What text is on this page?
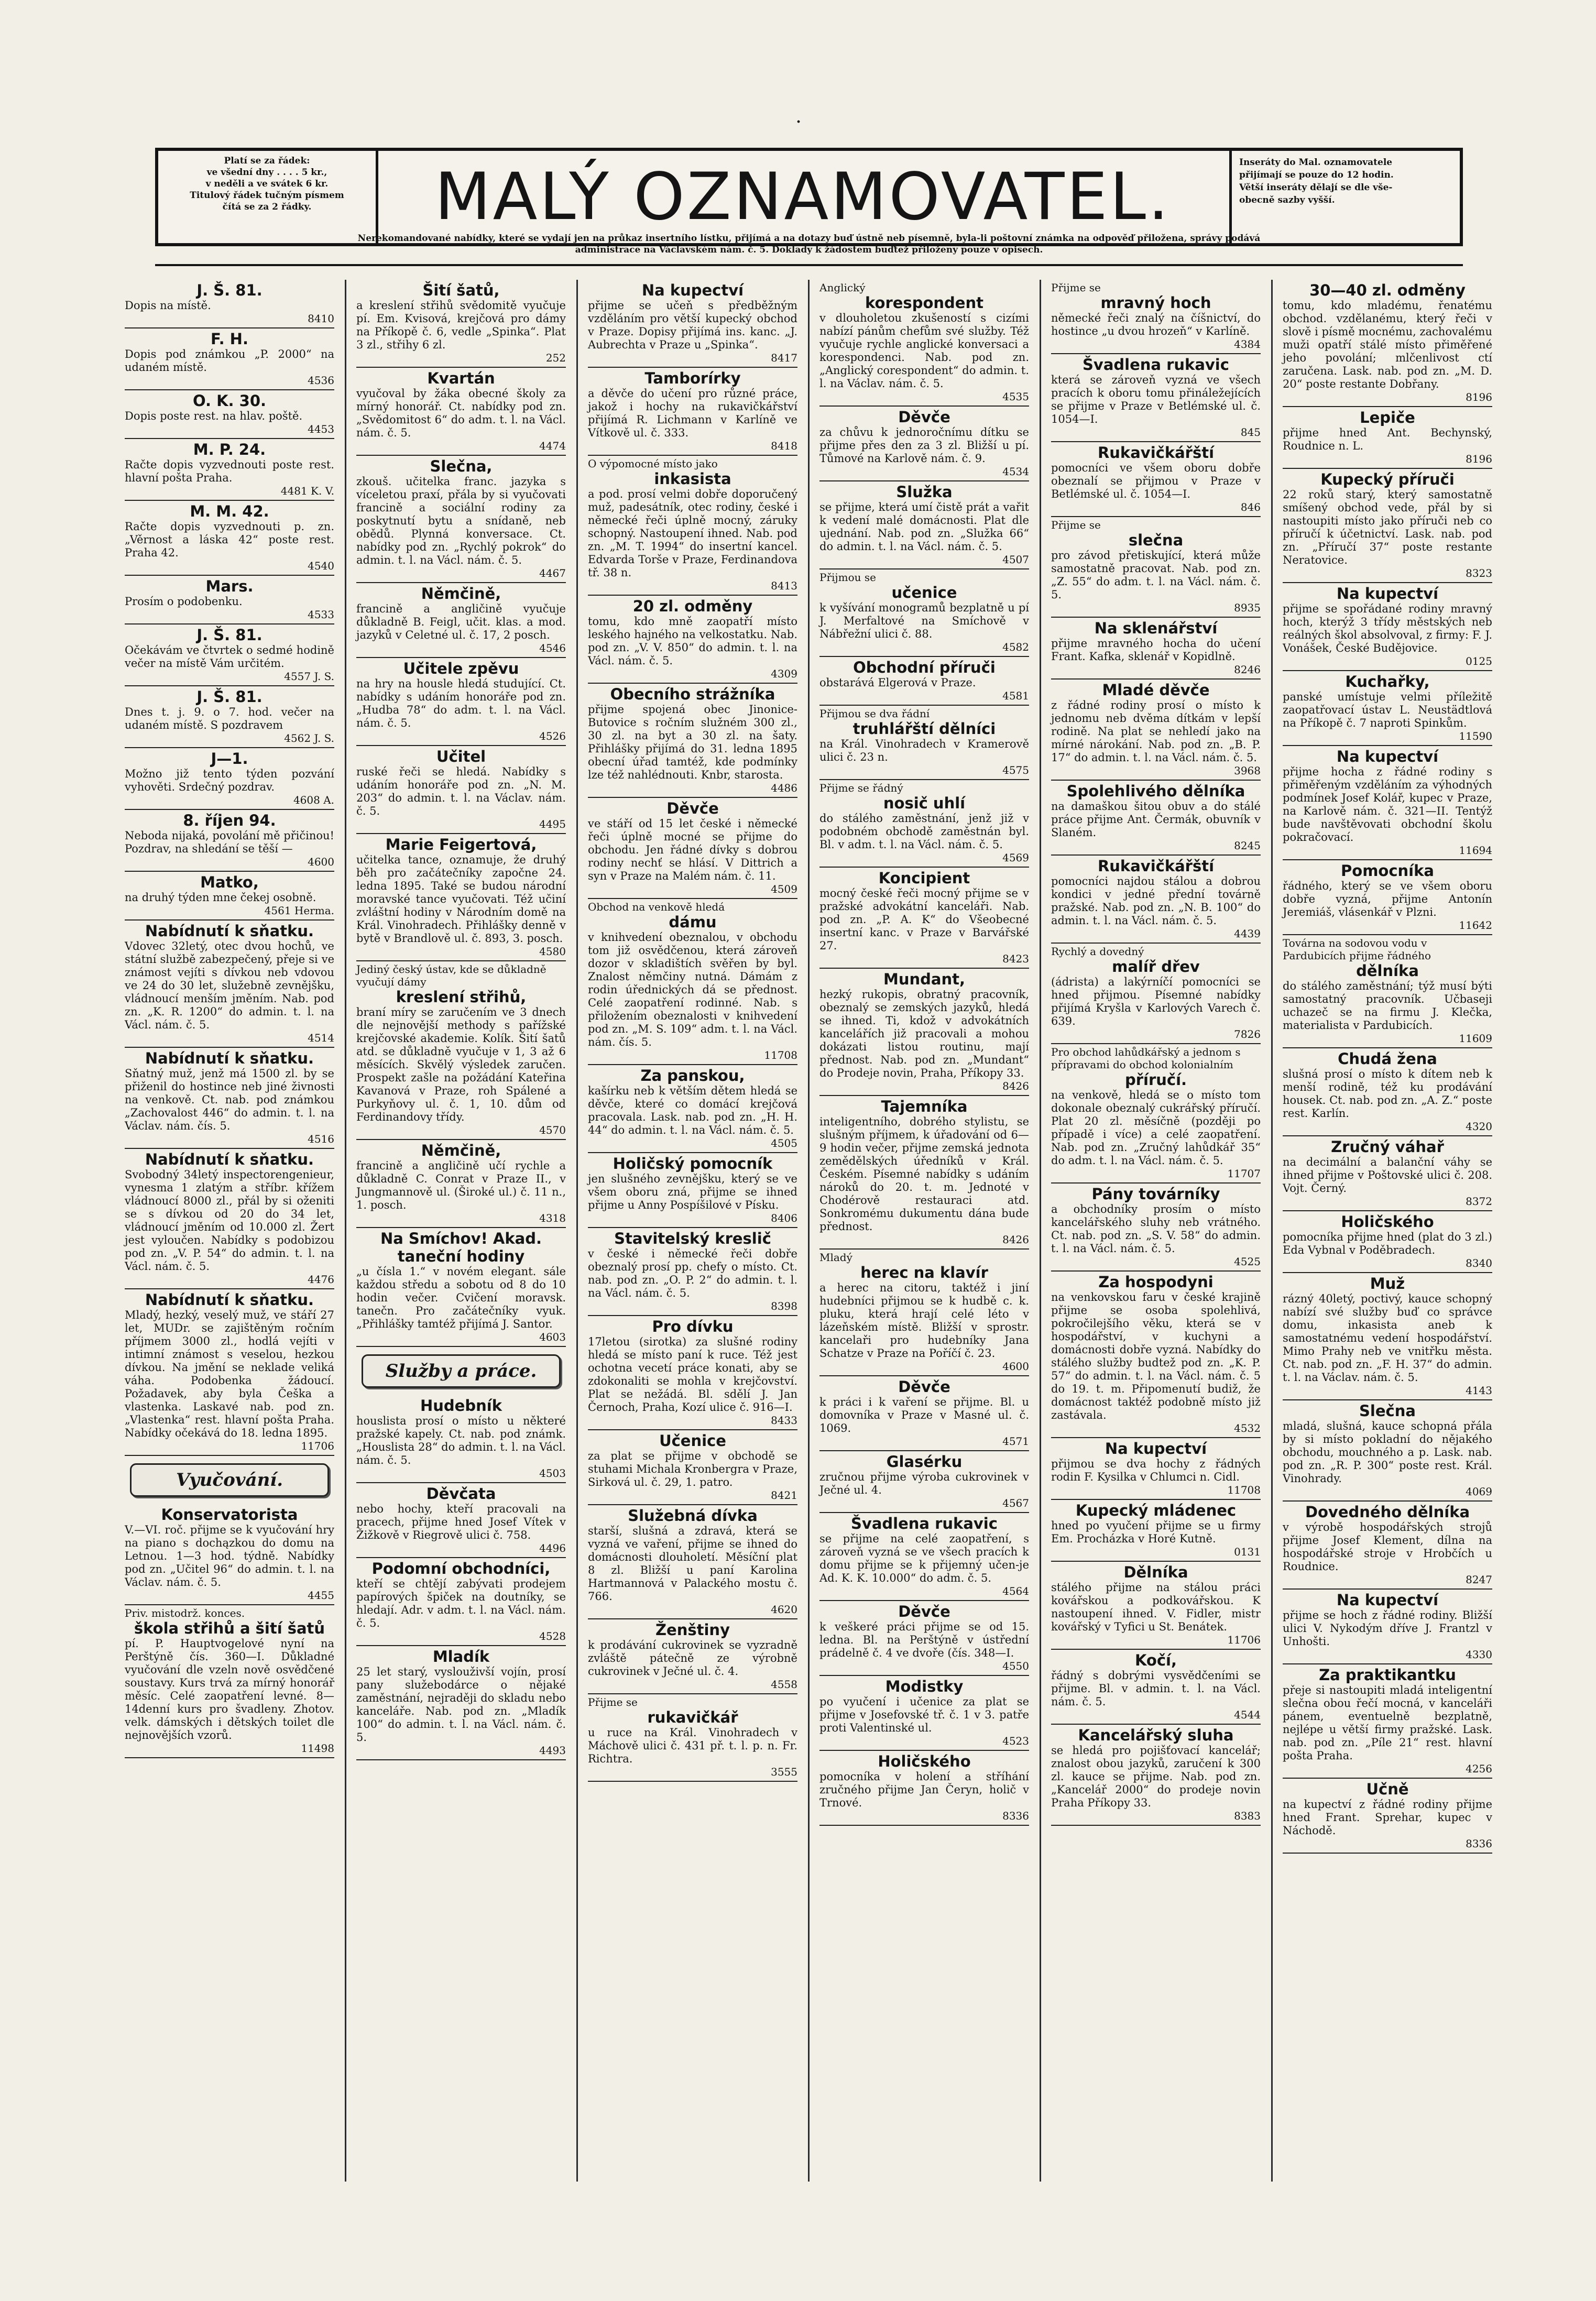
·
Platí se za řádek:
ve všední dny . . . . 5 kr.,
v neděli a ve svátek 6 kr.
Titulový řádek tučným písmem
čítá se za 2 řádky.	MALÝ OZNAMOVATEL.	Inseráty do Mal. oznamovatele
přijímají se pouze do 12 hodin.
Větší inseráty dělají se dle vše-
obecně sazby vyšší.
Nerekomandované nabídky, které se vydají jen na průkaz insertního lístku, přijímá a na dotazy buď ústně neb písemně, byla-li poštovní známka na odpověď přiložena, správy podává
administrace na Václavském nám. č. 5. Doklady k žádostem buďtež přiloženy pouze v opisech.
J. Š. 81.
Dopis na místě.
8410
F. H.
Dopis pod známkou „P. 2000“ na udaném místě.
4536
O. K. 30.
Dopis poste rest. na hlav. poště.
4453
M. P. 24.
Račte dopis vyzvednouti poste rest. hlavní pošta Praha.
4481 K. V.
M. M. 42.
Račte dopis vyzvednouti p. zn. „Věrnost a láska 42“ poste rest. Praha 42.
4540
Mars.
Prosím o podobenku.
4533
J. Š. 81.
Očekávám ve čtvrtek o sedmé hodině večer na místě Vám určitém.
4557 J. S.
J. Š. 81.
Dnes t. j. 9. o 7. hod. večer na udaném místě. S pozdravem
4562 J. S.
J—1.
Možno již tento týden pozvání vyhověti. Srdečný pozdrav.
4608 A.
8. říjen 94.
Neboda nijaká, povolání mě přičinou! Pozdrav, na shledání se těší —
4600
Matko,
na druhý týden mne čekej osobně.
4561 Herma.
Nabídnutí k sňatku.
Vdovec 32letý, otec dvou hochů, ve státní službě zabezpečený, přeje si ve známost vejíti s dívkou neb vdovou ve 24 do 30 let, služebně zevnějšku, vládnoucí menším jměním. Nab. pod zn. „K. R. 1200“ do admin. t. l. na Václ. nám. č. 5.
4514
Nabídnutí k sňatku.
Sňatný muž, jenž má 1500 zl. by se přiženil do hostince neb jiné živnosti na venkově. Ct. nab. pod známkou „Zachovalost 446“ do admin. t. l. na Václav. nám. čís. 5.
4516
Nabídnutí k sňatku.
Svobodný 34letý inspectorengenieur, vynesma 1 zlatým a stříbr. křížem vládnoucí 8000 zl., přál by si oženiti se s dívkou od 20 do 34 let, vládnoucí jměním od 10.000 zl. Žert jest vyloučen. Nabídky s podobizou pod zn. „V. P. 54“ do admin. t. l. na Václ. nám. č. 5.
4476
Nabídnutí k sňatku.
Mladý, hezký, veselý muž, ve stáří 27 let, MUDr. se zajištěným ročním příjmem 3000 zl., hodlá vejíti v intimní známost s veselou, hezkou dívkou. Na jmění se neklade veliká váha. Podobenka žádoucí. Požadavek, aby byla Češka a vlastenka. Laskavé nab. pod zn. „Vlastenka“ rest. hlavní pošta Praha. Nabídky očekává do 18. ledna 1895.
11706
Vyučování.
Konservatorista
V.—VI. roč. přijme se k vyučování hry na piano s dochązkou do domu na Letnou. 1—3 hod. týdně. Nabídky pod zn. „Učitel 96“ do admin. t. l. na Václav. nám. č. 5.
4455
Priv. mistodrž. konces.
škola střihů a šití šatů
pí. P. Hauptvogelové nyní na Perštýně čís. 360—I. Důkladné vyučování dle vzeln nově osvědčené soustavy. Kurs trvá za mírný honorář měsíc. Celé zaopatření levné. 8—14denní kurs pro švadleny. Zhotov. velk. dámských i dětských toilet dle nejnovějších vzorů.
11498
Šití šatů,
a kreslení střihů svědomitě vyučuje pí. Em. Kvisová, krejčová pro dámy na Příkopě č. 6, vedle „Spinka“. Plat 3 zl., střihy 6 zl.
252
Kvartán
vyučoval by žáka obecné školy za mírný honorář. Ct. nabídky pod zn. „Svědomitost 6“ do adm. t. l. na Václ. nám. č. 5.
4474
Slečna,
zkouš. učitelka franc. jazyka s víceletou praxí, přála by si vyučovati francině a sociální rodiny za poskytnutí bytu a snídaně, neb obědů. Plynná konversace. Ct. nabídky pod zn. „Rychlý pokrok“ do admin. t. l. na Václ. nám. č. 5.
4467
Němčině,
francině a angličině vyučuje důkladně B. Feigl, učit. klas. a mod. jazyků v Celetné ul. č. 17, 2 posch.
4546
Učitele zpěvu
na hry na housle hledá studující. Ct. nabídky s udáním honoráře pod zn. „Hudba 78“ do adm. t. l. na Václ. nám. č. 5.
4526
Učitel
ruské řeči se hledá. Nabídky s udáním honoráře pod zn. „N. M. 203“ do admin. t. l. na Václav. nám. č. 5.
4495
Marie Feigertová,
učitelka tance, oznamuje, že druhý běh pro začátečníky započne 24. ledna 1895. Také se budou národní moravské tance vyučovati. Též učiní zvláštní hodiny v Národním domě na Král. Vinohradech. Přihlášky denně v bytě v Brandlově ul. č. 893, 3. posch.
4580
Jediný český ústav, kde se důkladně vyučují dámy
kreslení střihů,
braní míry se zaručením ve 3 dnech dle nejnovější methody s pařížské krejčovské akademie. Kolík. Šití šatů atd. se důkladně vyučuje v 1, 3 až 6 měsících. Skvělý výsledek zaručen. Prospekt zašle na požádání Kateřina Kavanová v Praze, roh Spálené a Purkyňovy ul. č. 1, 10. dům od Ferdinandovy třídy.
4570
Němčině,
francině a angličině učí rychle a důkladně C. Conrat v Praze II., v Jungmannově ul. (Široké ul.) č. 11 n., 1. posch.
4318
Na Smíchov! Akad. taneční hodiny
„u čísla 1.“ v novém elegant. sále každou středu a sobotu od 8 do 10 hodin večer. Cvičení moravsk. tanečn. Pro začátečníky vyuk. „Přihlášky tamtéž přijímá J. Santor.
4603
Služby a práce.
Hudebník
houslista prosí o místo u některé pražské kapely. Ct. nab. pod známk. „Houslista 28“ do admin. t. l. na Václ. nám. č. 5.
4503
Děvčata
nebo hochy, kteří pracovali na pracech, přijme hned Josef Vítek v Žižkově v Riegrově ulici č. 758.
4496
Podomní obchodníci,
kteří se chtějí zabývati prodejem papírových špiček na doutníky, se hledají. Adr. v adm. t. l. na Václ. nám. č. 5.
4528
Mladík
25 let starý, vyslouživší vojín, prosí pany služebodárce o nějaké zaměstnání, nejraději do skladu nebo kanceláře. Nab. pod zn. „Mladík 100“ do admin. t. l. na Václ. nám. č. 5.
4493
Na kupectví
přijme se učeň s předběžným vzděláním pro větší kupecký obchod v Praze. Dopisy přijímá ins. kanc. „J. Aubrechta v Praze u „Spinka“.
8417
Tamborírky
a děvče do učení pro různé práce, jakož i hochy na rukavičkářství přijímá R. Lichmann v Karlíně ve Vítkově ul. č. 333.
8418
O výpomocné místo jako
inkasista
a pod. prosí velmi dobře doporučený muž, padesátník, otec rodiny, české i německé řeči úplně mocný, záruky schopný. Nastoupení ihned. Nab. pod zn. „M. T. 1994“ do insertní kancel. Edvarda Torše v Praze, Ferdinandova tř. 38 n.
8413
20 zl. odměny
tomu, kdo mně zaopatří místo leského hajného na velkostatku. Nab. pod zn. „V. V. 850“ do admin. t. l. na Václ. nám. č. 5.
4309
Obecního strážníka
přijme spojená obec Jinonice-Butovice s ročním služném 300 zl., 30 zl. na byt a 30 zl. na šaty. Přihlášky přijímá do 31. ledna 1895 obecní úřad tamtéž, kde podmínky lze též nahlédnouti. Knbr, starosta.
4486
Děvče
ve stáří od 15 let české i německé řeči úplně mocné se přijme do obchodu. Jen řádné dívky s dobrou rodiny nechť se hlásí. V Dittrich a syn v Praze na Malém nám. č. 11.
4509
Obchod na venkově hledá
dámu
v knihvedení obeznalou, v obchodu tom již osvědčenou, která zároveň dozor v skladištích svěřen by byl. Znalost němčiny nutná. Dámám z rodin úřednických dá se přednost. Celé zaopatření rodinné. Nab. s přiložením obeznalosti v knihvedení pod zn. „M. S. 109“ adm. t. l. na Václ. nám. čís. 5.
11708
Za panskou,
kašírku neb k větším dětem hledá se děvče, které co domácí krejčová pracovala. Lask. nab. pod zn. „H. H. 44“ do admin. t. l. na Václ. nám. č. 5.
4505
Holičský pomocník
jen slušného zevnějšku, který se ve všem oboru zná, přijme se ihned přijme u Anny Pospíšilové v Písku.
8406
Stavitelský kreslič
v české i německé řeči dobře obeznalý prosí pp. chefy o místo. Ct. nab. pod zn. „O. P. 2“ do admin. t. l. na Václ. nám. č. 5.
8398
Pro dívku
17letou (sirotka) za slušné rodiny hledá se místo paní k ruce. Též jest ochotna vecetí práce konati, aby se zdokonaliti se mohla v krejčovství. Plat se nežádá. Bl. sdělí J. Jan Černoch, Praha, Kozí ulice č. 916—I.
8433
Učenice
za plat se přijme v obchodě se stuhami Michala Kronbergra v Praze, Sirková ul. č. 29, 1. patro.
8421
Služebná dívka
starší, slušná a zdravá, která se vyzná ve vaření, přijme se ihned do domácnosti dlouholetí. Měsíční plat 8 zl. Bližší u paní Karolina Hartmannová v Palackého mostu č. 766.
4620
Ženštiny
k prodávání cukrovinek se vyzradně zvláště pátečně ze výrobně cukrovinek v Ječné ul. č. 4.
4558
Přijme se
rukavičkář
u ruce na Král. Vinohradech v Máchově ulici č. 431 př. t. l. p. n. Fr. Richtra.
3555
Anglický
korespondent
v dlouholetou zkušeností s cizími nabízí pánům chefům své služby. Též vyučuje rychle anglické konversaci a korespondenci. Nab. pod zn. „Anglický corespondent“ do admin. t. l. na Václav. nám. č. 5.
4535
Děvče
za chůvu k jednoročnímu dítku se přijme přes den za 3 zl. Bližší u pí. Tůmové na Karlově nám. č. 9.
4534
Služka
se přijme, která umí čistě prát a vařit k vedení malé domácnosti. Plat dle ujednání. Nab. pod zn. „Služka 66“ do admin. t. l. na Václ. nám. č. 5.
4507
Přijmou se
učenice
k vyšívání monogramů bezplatně u pí J. Merfaltové na Smíchově v Nábřežní ulici č. 88.
4582
Obchodní příruči
obstarává Elgerová v Praze.
4581
Přijmou se dva řádní
truhlářští dělníci
na Král. Vinohradech v Kramerově ulici č. 23 n.
4575
Přijme se řádný
nosič uhlí
do stálého zaměstnání, jenž již v podobném obchodě zaměstnán byl. Bl. v adm. t. l. na Václ. nám. č. 5.
4569
Koncipient
mocný české řeči mocný přijme se v pražské advokátní kanceláři. Nab. pod zn. „P. A. K“ do Všeobecné insertní kanc. v Praze v Barvářské 27.
8423
Mundant,
hezký rukopis, obratný pracovník, obeznalý se zemských jazyků, hledá se ihned. Ti, kdož v advokátních kancelářích již pracovali a mohou dokázati listou routinu, mají přednost. Nab. pod zn. „Mundant“ do Prodeje novin, Praha, Příkopy 33.
8426
Tajemníka
inteligentního, dobrého stylistu, se slušným příjmem, k úřadování od 6—9 hodin večer, přijme zemská jednota zemědělských úředníků v Král. Českém. Písemné nabídky s udáním nároků do 20. t. m. Jednoté v Chodérově restauraci atd. Sonkromému dukumentu dána bude přednost.
8426
Mladý
herec na klavír
a herec na citoru, taktéž i jiní hudebníci přijmou se k hudbě c. k. pluku, která hrají celé léto v lázeňském místě. Bližší v sprostr. kancelaři pro hudebníky Jana Schatze v Praze na Poříčí č. 23.
4600
Děvče
k práci i k vaření se přijme. Bl. u domovníka v Praze v Masné ul. č. 1069.
4571
Glasérku
zručnou přijme výroba cukrovinek v Ječné ul. 4.
4567
Švadlena rukavic
se přijme na celé zaopatření, s zároveň vyzná se ve všech pracích k domu přijme se k přijemný učen-je Ad. K. K. 10.000“ do adm. č. 5.
4564
Děvče
k veškeré práci přijme se od 15. ledna. Bl. na Perštýně v ústřední prádelně č. 4 ve dvoře (čís. 348—I.
4550
Modistky
po vyučení i učenice za plat se přijme v Josefovské tř. č. 1 v 3. patře proti Valentinské ul.
4523
Holičského
pomocníka v holení a stříhání zručného přijme Jan Čeryn, holič v Trnové.
8336
Přijme se
mravný hoch
německé řeči znalý na číšnictví, do hostince „u dvou hrozeň“ v Karlíně.
4384
Švadlena rukavic
která se zároveň vyzná ve všech pracích k oboru tomu přináležejících se přijme v Praze v Betlémské ul. č. 1054—I.
845
Rukavičkářští
pomocníci ve všem oboru dobře obeznalí se přijmou v Praze v Betlémské ul. č. 1054—I.
846
Přijme se
slečna
pro závod přetiskující, která může samostatně pracovat. Nab. pod zn. „Z. 55“ do adm. t. l. na Václ. nám. č. 5.
8935
Na sklenářství
přijme mravného hocha do učení Frant. Kafka, sklenář v Kopidlně.
8246
Mladé děvče
z řádné rodiny prosí o místo k jednomu neb dvěma dítkám v lepší rodině. Na plat se nehledí jako na mírné nárokání. Nab. pod zn. „B. P. 17“ do admin. t. l. na Václ. nám. č. 5.
3968
Spolehlivého dělníka
na damaškou šitou obuv a do stálé práce přijme Ant. Čermák, obuvník v Slaném.
8245
Rukavičkářští
pomocníci najdou stálou a dobrou kondici v jedné přední továrně pražské. Nab. pod zn. „N. B. 100“ do admin. t. l. na Václ. nám. č. 5.
4439
Rychlý a dovedný
malíř dřev
(ádrista) a lakýrníčí pomocníci se hned přijmou. Písemné nabídky přijímá Kryšla v Karlových Varech č. 639.
7826
Pro obchod lahůdkářský a jednom s přípravami do obchod kolonialním
příručí.
na venkově, hledá se o místo tom dokonale obeznalý cukrářský příručí. Plat 20 zl. měsíčně (později po případě i více) a celé zaopatření. Nab. pod zn. „Zručný lahůdkář 35“ do adm. t. l. na Václ. nám. č. 5.
11707
Pány továrníky
a obchodníky prosím o místo kancelářského sluhy neb vrátného. Ct. nab. pod zn. „S. V. 58“ do admin. t. l. na Václ. nám. č. 5.
4525
Za hospodyni
na venkovskou faru v české krajině přijme se osoba spolehlivá, pokročilejšího věku, která se v hospodářství, v kuchyni a domácnosti dobře vyzná. Nabídky do stálého služby budtež pod zn. „K. P. 57“ do admin. t. l. na Václ. nám. č. 5 do 19. t. m. Připomenutí budiž, že domácnost taktéž podobně místo již zastávala.
4532
Na kupectví
přijmou se dva hochy z řádných rodin F. Kysilka v Chlumci n. Cidl.
11708
Kupecký mládenec
hned po vyučení přijme se u firmy Em. Procházka v Horé Kutně.
0131
Dělníka
stálého přijme na stálou práci kovářskou a podkovářskou. K nastoupení ihned. V. Fidler, mistr kovářský v Tyfici u St. Benátek.
11706
Kočí,
řádný s dobrými vysvědčeními se přijme. Bl. v admin. t. l. na Václ. nám. č. 5.
4544
Kancelářský sluha
se hledá pro pojišťovací kancelář; znalost obou jazyků, zaručení k 300 zl. kauce se přijme. Nab. pod zn. „Kancelář 2000“ do prodeje novin Praha Příkopy 33.
8383
30—40 zl. odměny
tomu, kdo mladému, řenatému obchod. vzdělanému, který řeči v slově i písmě mocnému, zachovalému muži opatří stálé místo přiměřené jeho povolání; mlčenlivost ctí zaručena. Lask. nab. pod zn. „M. D. 20“ poste restante Dobřany.
8196
Lepiče
přijme hned Ant. Bechynský, Roudnice n. L.
8196
Kupecký příruči
22 roků starý, který samostatně smíšený obchod vede, přál by si nastoupiti místo jako příruči neb co příručí k účetnictví. Lask. nab. pod zn. „Příručí 37“ poste restante Neratovice.
8323
Na kupectví
přijme se spořádané rodiny mravný hoch, kterýž 3 třídy městských neb reálných škol absolvoval, z firmy: F. J. Vonášek, České Budějovice.
0125
Kuchařky,
panské umístuje velmi příležitě zaopatřovací ústav L. Neustädtlová na Příkopě č. 7 naproti Spinkům.
11590
Na kupectví
přijme hocha z řádné rodiny s přiměřeným vzděláním za výhodných podmínek Josef Kolář, kupec v Praze, na Karlově nám. č. 321—II. Tentýž bude navštěvovati obchodní školu pokračovací.
11694
Pomocníka
řádného, který se ve všem oboru dobře vyzná, přijme Antonín Jeremiáš, vlásenkář v Plzni.
11642
Továrna na sodovou vodu v Pardubicích přijme řádného
dělníka
do stálého zaměstnání; týž musí býti samostatný pracovník. Učbaseji uchazeč se na firmu J. Klečka, materialista v Pardubicích.
11609
Chudá žena
slušná prosí o místo k dítem neb k menší rodině, též ku prodávání housek. Ct. nab. pod zn. „A. Z.“ poste rest. Karlín.
4320
Zručný váhař
na decimální a balanční váhy se ihned přijme v Poštovské ulici č. 208. Vojt. Černý.
8372
Holičského
pomocníka přijme hned (plat do 3 zl.) Eda Vybnal v Poděbradech.
8340
Muž
rázný 40letý, poctivý, kauce schopný nabízí své služby buď co správce domu, inkasista aneb k samostatnému vedení hospodářství. Mimo Prahy neb ve vnitřku města. Ct. nab. pod zn. „F. H. 37“ do admin. t. l. na Václav. nám. č. 5.
4143
Slečna
mladá, slušná, kauce schopná přála by si místo pokladní do nějakého obchodu, mouchného a p. Lask. nab. pod zn. „R. P. 300“ poste rest. Král. Vinohrady.
4069
Dovedného dělníka
v výrobě hospodářských strojů přijme Josef Klement, dílna na hospodářské stroje v Hrobčích u Roudnice.
8247
Na kupectví
přijme se hoch z řádné rodiny. Bližší ulici V. Nykodým dříve J. Frantzl v Unhošti.
4330
Za praktikantku
přeje si nastoupiti mladá inteligentní slečna obou řečí mocná, v kanceláři pánem, eventuelně bezplatně, nejlépe u větší firmy pražské. Lask. nab. pod zn. „Píle 21“ rest. hlavní pošta Praha.
4256
Učně
na kupectví z řádné rodiny přijme hned Frant. Sprehar, kupec v Náchodě.
8336
